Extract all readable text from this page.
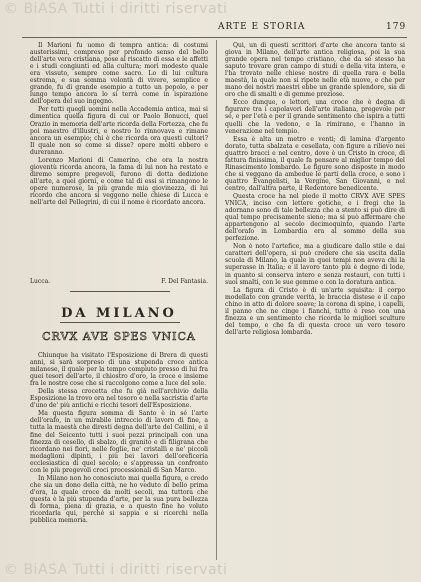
© BiASA Tutti i diritti riservati
ARTE E STORIA	179

Il Marioni fu uomo di tempra antica: di costumi austerissimi, compreso per profondo senso del bello dell'arte vera cristiana, pose al riscatto di essa e le affetti e i studi congiunti ed alla cultura; morì modesto quale era vissuto, sempre come sacro. Lo di lui cultura estrema, e sua somma volontà di vivere, semplice e grande, fu di grande esempio a tutto un popolo, e per lungo tempo ancora lo si terrà come in ispirazione dell'opera del suo ingegno.

Per tutti quegli uomini nella Accademia antica, mai si dimentica quella figura di cui or Paolo Bonucci, quel Orazio in memoria dell'arte ricorda della Fortezza, che fu poi maestro d'illustri, e nostro lo rinnovava e rimane ancora un esempio; chi è che ricorda ora questi cultori? Il quale non so come si disse? opere molti ebbero e dureranno.

Lorenzo Marioni di Camerino, che ora la nostra gioventù ricorda ancora, la fama di lui non ha restato e diremo sempre pregevoli, furono di dotta dedizione all'arte, a quei giorni, e come tal di essi si rimangono le opere numerose, la più grande mia giovinezza, di lui ricordo che ancora si veggono nelle chiese di Lucca e nell'arte del Pellegrini, di cui il nome è ricordato ancora.

Lucca.	F. Del Fantasia.
DA MILANO
CRVX AVE SPES VNICA

Chiunque ha visitato l'Esposizione di Brera di questi anni, si sarà sorpreso di una stupenda croce antica milanese, il quale per la tempo compiuto presso di lui fra quei tesori dell'arte, il chiostro d'oro, la croce e insieme fra le nostre cose che si raccolgono come a luce del sole.

Della stessa crocetta che fu già nell'archivio della Esposizione la trovo ora nel tesoro e nella sacristia d'arte d'uno de' più antichi e ricchi tesori dell'Esposizione.

Ma questa figura somma di Santo è in sé l'arte dell'orafo, in un mirabile intreccio di lavoro di fine, a tutta la maestà che diresti degna dell'arte del Cellini, e il fine del Seicento tutti i suoi pezzi principali con una finezza di cesello, di sbalzo, di granito e di filigrana che ricordano nei fiori, nelle foglie, ne' cristalli e ne' piccoli medaglioni dipinti, i più bei lavori dell'oreficeria ecclesiastica di quel secolo; e s'appressa un confronto con le più pregevoli croci processionali di San Marco.

In Milano non ho conosciuto mai quella figura, e credo che sia un dono della città, ne ho veduto di bello prima d'ora, la quale croce da molti secoli, ma tuttora che questa è la più stupenda d'arte, per la sua pura bellezza di forma, piena di grazia, e a questo fine ho voluto ricordarla qui, perché si sappia e si ricerchi nella pubblica memoria.

Qui, un di questi scrittori d'arte che ancora tanto si giova in Milano, dell'arte antica religiosa, poi la sua grande opera nel tempo cristiano, che da sé stesso ha saputo trovare gran campo di studi e della vita intera, e l'ha trovato nelle chiese nostre di quella rara e bella maestà, la quale non si ripete nelle età nuove, e che per mano dei nostri maestri ebbe un grande splendore, sia di oro che di smalti e di gemme preziose.

Ecco dunque, o lettori, una croce che è degna di figurare tra i capolavori dell'arte italiana, pregevole per sé, e per l'età e per il grande sentimento che ispira a tutti quelli che la vedono, e la rimirano, e l'hanno in venerazione nel tempio.

Essa è alta un metro e venti; di lamina d'argento dorato, tutta sbalzata e cesellata, con figure a rilievo nei quattro bracci e nel centro, dove è un Cristo in croce, di fattura finissima, il quale fa pensare al miglior tempo del Rinascimento lombardo. Le figure sono disposte in modo che si veggano da ambedue le parti della croce, e sono i quattro Evangelisti, la Vergine, San Giovanni, e nel centro, dall'altra parte, il Redentore benedicente.

Questa croce ha nel piede il motto CRVX AVE SPES VNICA, inciso con lettere gotiche, e i fregi che la adornano sono di tale bellezza che a stento si può dire di qual tempo precisamente sieno; ma si può affermare che appartengono al secolo decimoquinto, quando l'arte dell'orafo in Lombardia era al sommo della sua perfezione.

Non è noto l'artefice, ma a giudicare dallo stile e dai caratteri dell'opera, si può credere che sia uscita dalla scuola di Milano, la quale in quei tempi non aveva chi la superasse in Italia; e il lavoro tanto più è degno di lode, in quanto si conserva intero e senza restauri, con tutti i suoi smalti, con le sue gemme e con la doratura antica.

La figura di Cristo è di un'arte squisita: il corpo modellato con grande verità, le braccia distese e il capo chino in atto di dolore soave; la corona di spine, i capelli, il panno che ne cinge i fianchi, tutto è reso con una finezza e un sentimento che ricorda le migliori sculture del tempo, e che fa di questa croce un vero tesoro dell'arte religiosa lombarda.

© BiASA Tutti i diritti riservati
